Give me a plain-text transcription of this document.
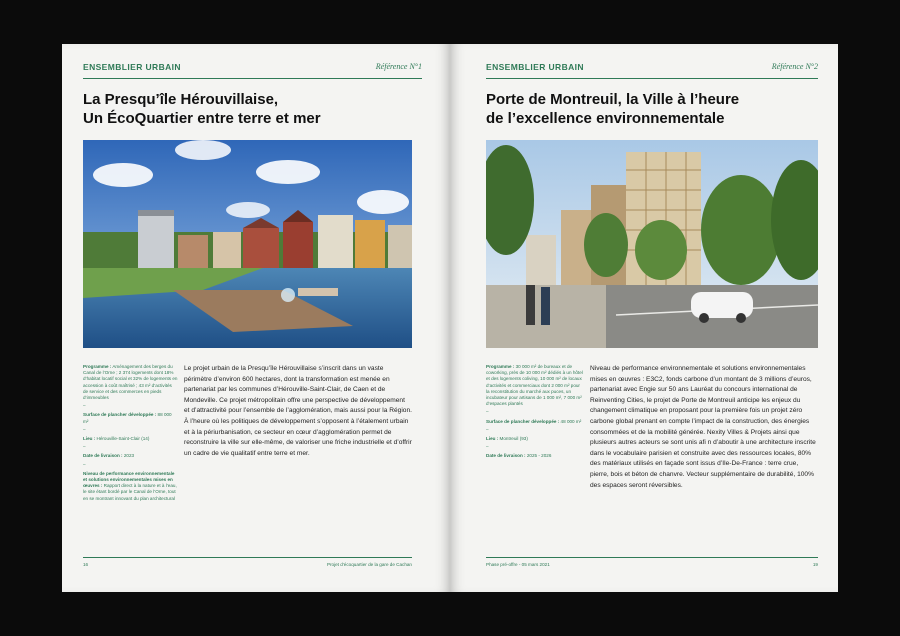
ENSEMBLIER URBAIN	Référence N°1
La Presqu’île Hérouvillaise,
Un ÉcoQuartier entre terre et mer
Programme : Aménagement des berges du Canal de l’Orne ; 2 374 logements dont 18% d’habitat locatif social et 32% de logements en accession à coût maîtrisé ; 43 m² d’activités de service et des commerces en pieds d’immeubles
–
Surface de plancher développée : 88 000 m²
–
Lieu : Hérouville-Saint-Clair (14)
–
Date de livraison : 2023
–
Niveau de performance environnementale et solutions environnementales mises en œuvres : Rapport direct à la nature et à l’eau, le site étant bordé par le Canal de l’Orne, tout en se montrant innovant du plan architectural
Le projet urbain de la Presqu’île Hérouvillaise s’inscrit dans un vaste périmètre d’environ 600 hectares, dont la transformation est menée en partenariat par les communes d’Hérouville-Saint-Clair, de Caen et de Mondeville. Ce projet métropolitain offre une perspective de développement et d’attractivité pour l’ensemble de l’agglomération, mais aussi pour la Région. À l’heure où les politiques de développement s’opposent à l’étalement urbain et à la périurbanisation, ce secteur en cœur d’agglomération permet de reconstruire la ville sur elle-même, de valoriser une friche industrielle et d’offrir un cadre de vie qualitatif entre terre et mer.
16	Projet d’écoquartier de la gare de Cachan
ENSEMBLIER URBAIN	Référence N°2
Porte de Montreuil, la Ville à l’heure
de l’excellence environnementale
Programme : 30 000 m² de bureaux et de coworking, près de 10 000 m² dédiés à un hôtel et des logements coliving, 10 000 m² de locaux d’activités et commerciaux dont 2 000 m² pour la reconstitution du marché aux puces, un incubateur pour artisans de 1 000 m², 7 000 m² d’espaces plantés
–
Surface de plancher développée : 48 000 m²
–
Lieu : Montreuil (93)
–
Date de livraison : 2025 - 2026
Niveau de performance environnementale et solutions environnementales mises en œuvres : E3C2, fonds carbone d’un montant de 3 millions d’euros, partenariat avec Engie sur 50 ans Lauréat du concours international de Reinventing Cities, le projet de Porte de Montreuil anticipe les enjeux du changement climatique en proposant pour la première fois un projet zéro carbone global prenant en compte l’impact de la construction, des énergies consommées et de la mobilité générée. Nexity Villes & Projets ainsi que plusieurs autres acteurs se sont unis afi n d’aboutir à une architecture inscrite dans le vocabulaire parisien et construite avec des ressources locales, 80% des matériaux utilisés en façade sont issus d’Ile-De-France : terre crue, pierre, bois et béton de chanvre. Vecteur supplémentaire de durabilité, 100% des espaces seront réversibles.
Phase pré-offre - 05 mars 2021	19
